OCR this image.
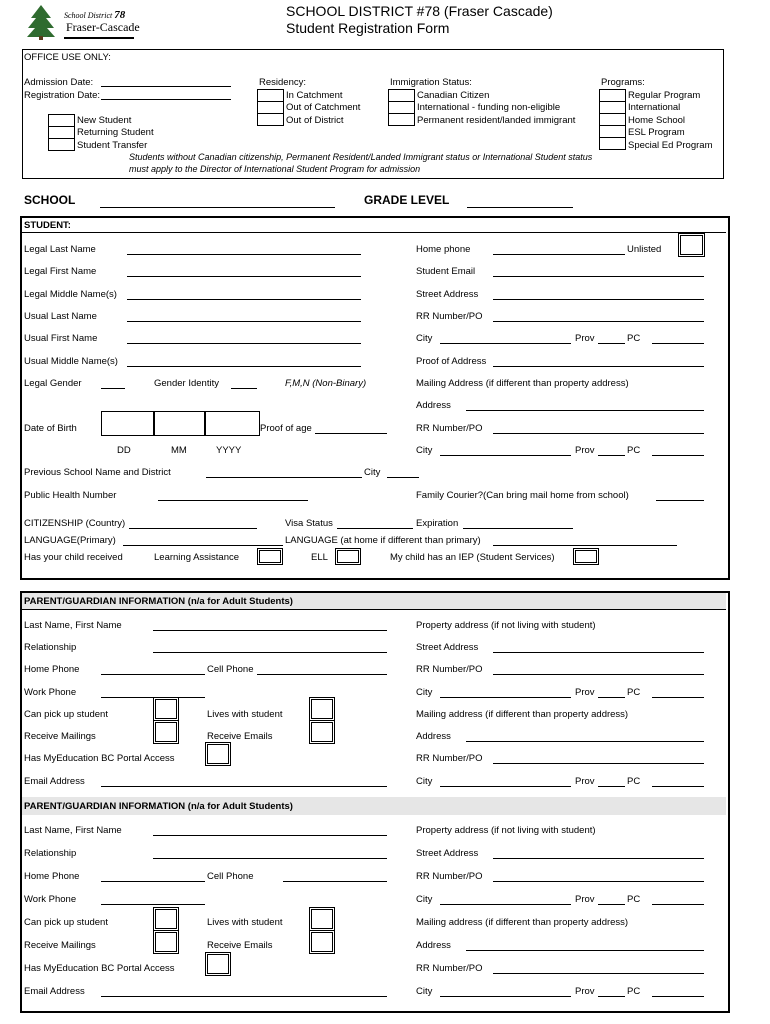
School District 78
Fraser-Cascade
SCHOOL DISTRICT #78 (Fraser Cascade)
Student Registration Form
OFFICE USE ONLY:
Admission Date:
Registration Date:
New Student
Returning Student
Student Transfer
Residency:
In Catchment
Out of Catchment
Out of District
Immigration Status:
Canadian Citizen
International - funding non-eligible
Permanent resident/landed immigrant
Programs:
Regular Program
International
Home School
ESL Program
Special Ed Program
Students without Canadian citizenship, Permanent Resident/Landed Immigrant status or International Student status
must apply to the Director of International Student Program for admission
SCHOOL	GRADE LEVEL
STUDENT:
Legal Last Name
Legal First Name
Legal Middle Name(s)
Usual Last Name
Usual First Name
Usual Middle Name(s)
Legal Gender	Gender Identity	F,M,N (Non-Binary)
Date of Birth	Proof of age
DD	MM	YYYY
Previous School Name and District	City
Public Health Number
CITIZENSHIP (Country)	Visa Status	Expiration
LANGUAGE(Primary)	LANGUAGE (at home if different than primary)
Has your child received	Learning Assistance	ELL	My child has an IEP (Student Services)
Home phone	Unlisted
Student Email
Street Address
RR Number/PO
City	Prov	PC
Proof of Address
Mailing Address (if different than property address)
Address
RR Number/PO
City	Prov	PC
Family Courier?(Can bring mail home from school)
PARENT/GUARDIAN INFORMATION (n/a for Adult Students)
Last Name, First Name
Relationship
Home Phone	Cell Phone
Work Phone
Can pick up student	Lives with student
Receive Mailings	Receive Emails
Has MyEducation BC Portal Access
Email Address
Property address (if not living with student)
Street Address
RR Number/PO
City	Prov	PC
Mailing address (if different than property address)
Address
RR Number/PO
City	Prov	PC
PARENT/GUARDIAN INFORMATION (n/a for Adult Students)
Last Name, First Name
Relationship
Home Phone	Cell Phone
Work Phone
Can pick up student	Lives with student
Receive Mailings	Receive Emails
Has MyEducation BC Portal Access
Email Address
Property address (if not living with student)
Street Address
RR Number/PO
City	Prov	PC
Mailing address (if different than property address)
Address
RR Number/PO
City	Prov	PC
